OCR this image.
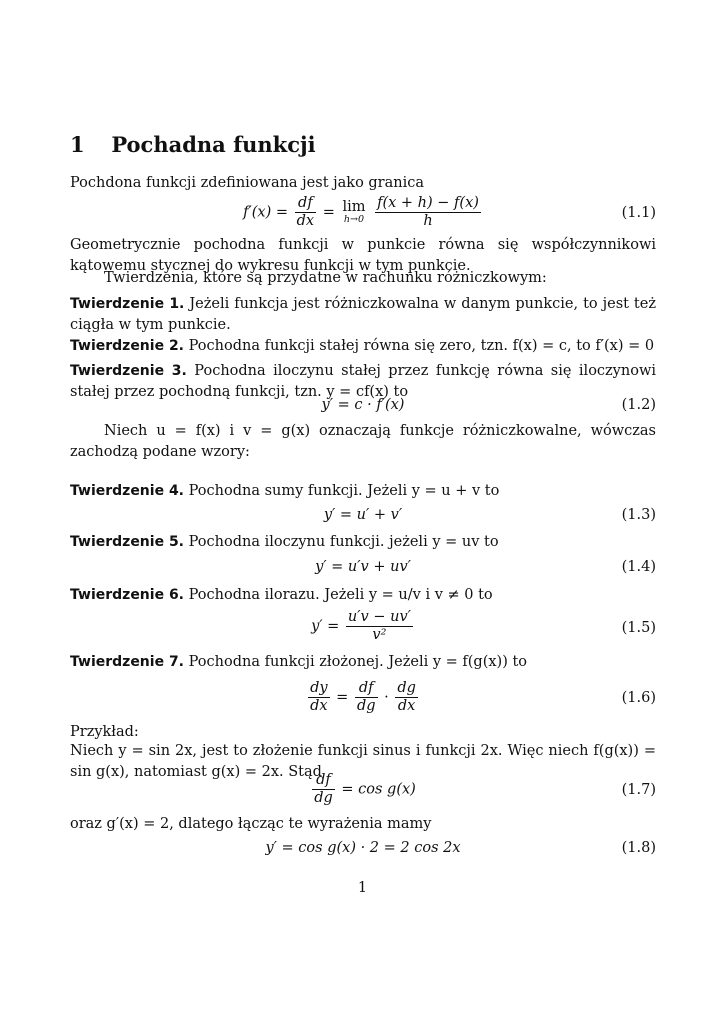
1 Pochadna funkcji
Pochdona funkcji zdefiniowana jest jako granica
$f'(x) = \frac{df}{dx} = \lim$
h→0
$\frac{f(x + h) - f(x)}{h}$	(1.1)
Geometrycznie pochodna funkcji w punkcie równa się współczynnikowi kątowemu stycznej do wykresu funkcji w tym punkcie.
Twierdzenia, które są przydatne w rachunku różniczkowym:
Twierdzenie 1. Jeżeli funkcja jest różniczkowalna w danym punkcie, to jest też ciągła w tym punkcie.
Twierdzenie 2. Pochodna funkcji stałej równa się zero, tzn. f(x) = c, to f′(x) = 0
Twierdzenie 3. Pochodna iloczynu stałej przez funkcję równa się iloczynowi stałej przez pochodną funkcji, tzn. y = cf(x) to
y′ = c · f′(x)	(1.2)
Niech u = f(x) i v = g(x) oznaczają funkcje różniczkowalne, wówczas zachodzą podane wzory:
Twierdzenie 4. Pochodna sumy funkcji. Jeżeli y = u + v to
y′ = u′ + v′	(1.3)
Twierdzenie 5. Pochodna iloczynu funkcji. jeżeli y = uv to
y′ = u′v + uv′	(1.4)
Twierdzenie 6. Pochodna ilorazu. Jeżeli y = u/v i v ≠ 0 to
$y' = \frac{u'v - uv'}{\text{v²}}$	(1.5)
Twierdzenie 7. Pochodna funkcji złożonej. Jeżeli y = f(g(x)) to
$\frac{dy}{dx} = \frac{df}{dg} \cdot \frac{dg}{dx}$	(1.6)
Przykład:
Niech y = sin 2x, jest to złożenie funkcji sinus i funkcji 2x. Więc niech f(g(x)) = sin g(x), natomiast g(x) = 2x. Stąd
$\frac{df}{dg} = \cos g(x)$	(1.7)
oraz g′(x) = 2, dlatego łącząc te wyrażenia mamy
y′ = cos g(x) · 2 = 2 cos 2x	(1.8)
1
